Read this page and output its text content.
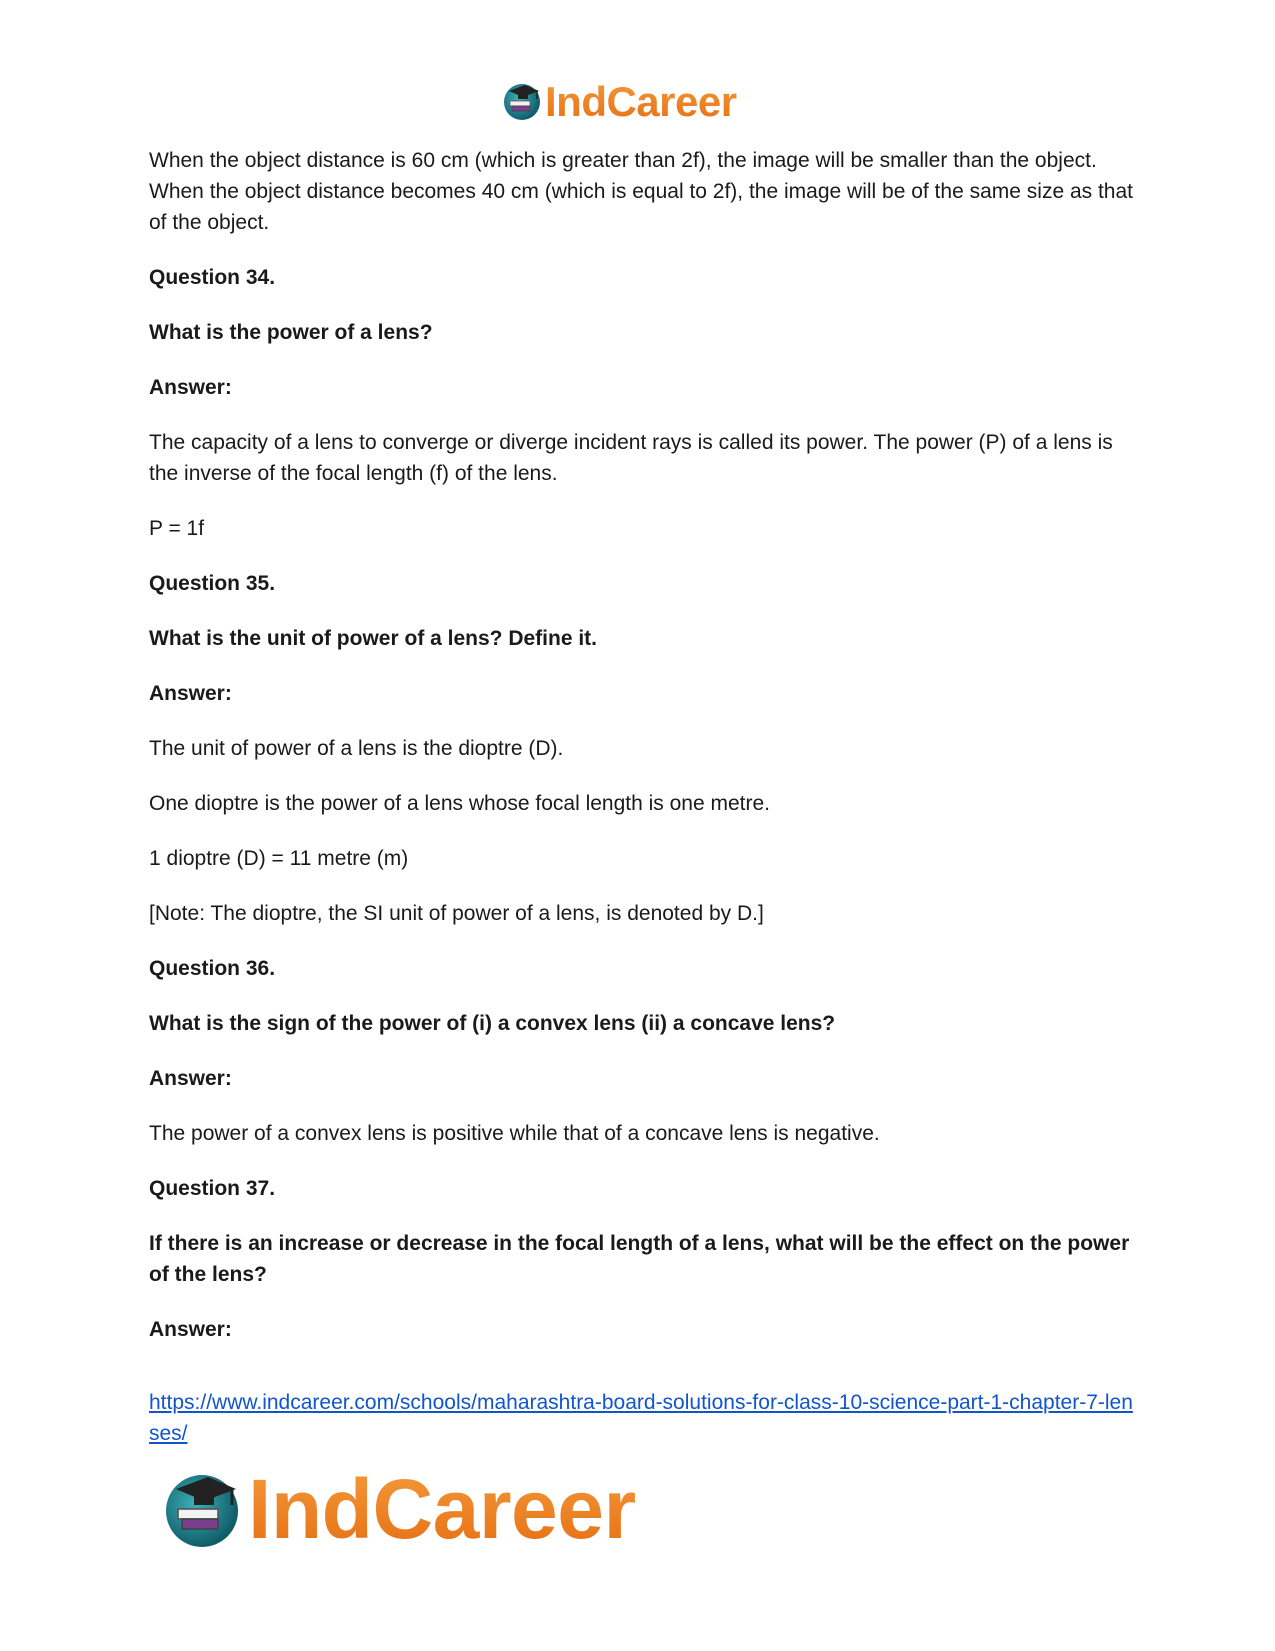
IndCareer

When the object distance is 60 cm (which is greater than 2f), the image will be smaller than the object. When the object distance becomes 40 cm (which is equal to 2f), the image will be of the same size as that of the object.

Question 34.

What is the power of a lens?

Answer:

The capacity of a lens to converge or diverge incident rays is called its power. The power (P) of a lens is the inverse of the focal length (f) of the lens.

P = 1f

Question 35.

What is the unit of power of a lens? Define it.

Answer:

The unit of power of a lens is the dioptre (D).

One dioptre is the power of a lens whose focal length is one metre.

1 dioptre (D) = 11 metre (m)

[Note: The dioptre, the SI unit of power of a lens, is denoted by D.]

Question 36.

What is the sign of the power of (i) a convex lens (ii) a concave lens?

Answer:

The power of a convex lens is positive while that of a concave lens is negative.

Question 37.

If there is an increase or decrease in the focal length of a lens, what will be the effect on the power of the lens?

Answer:

https://www.indcareer.com/schools/maharashtra-board-solutions-for-class-10-science-part-1-chapter-7-lenses/
IndCareer
